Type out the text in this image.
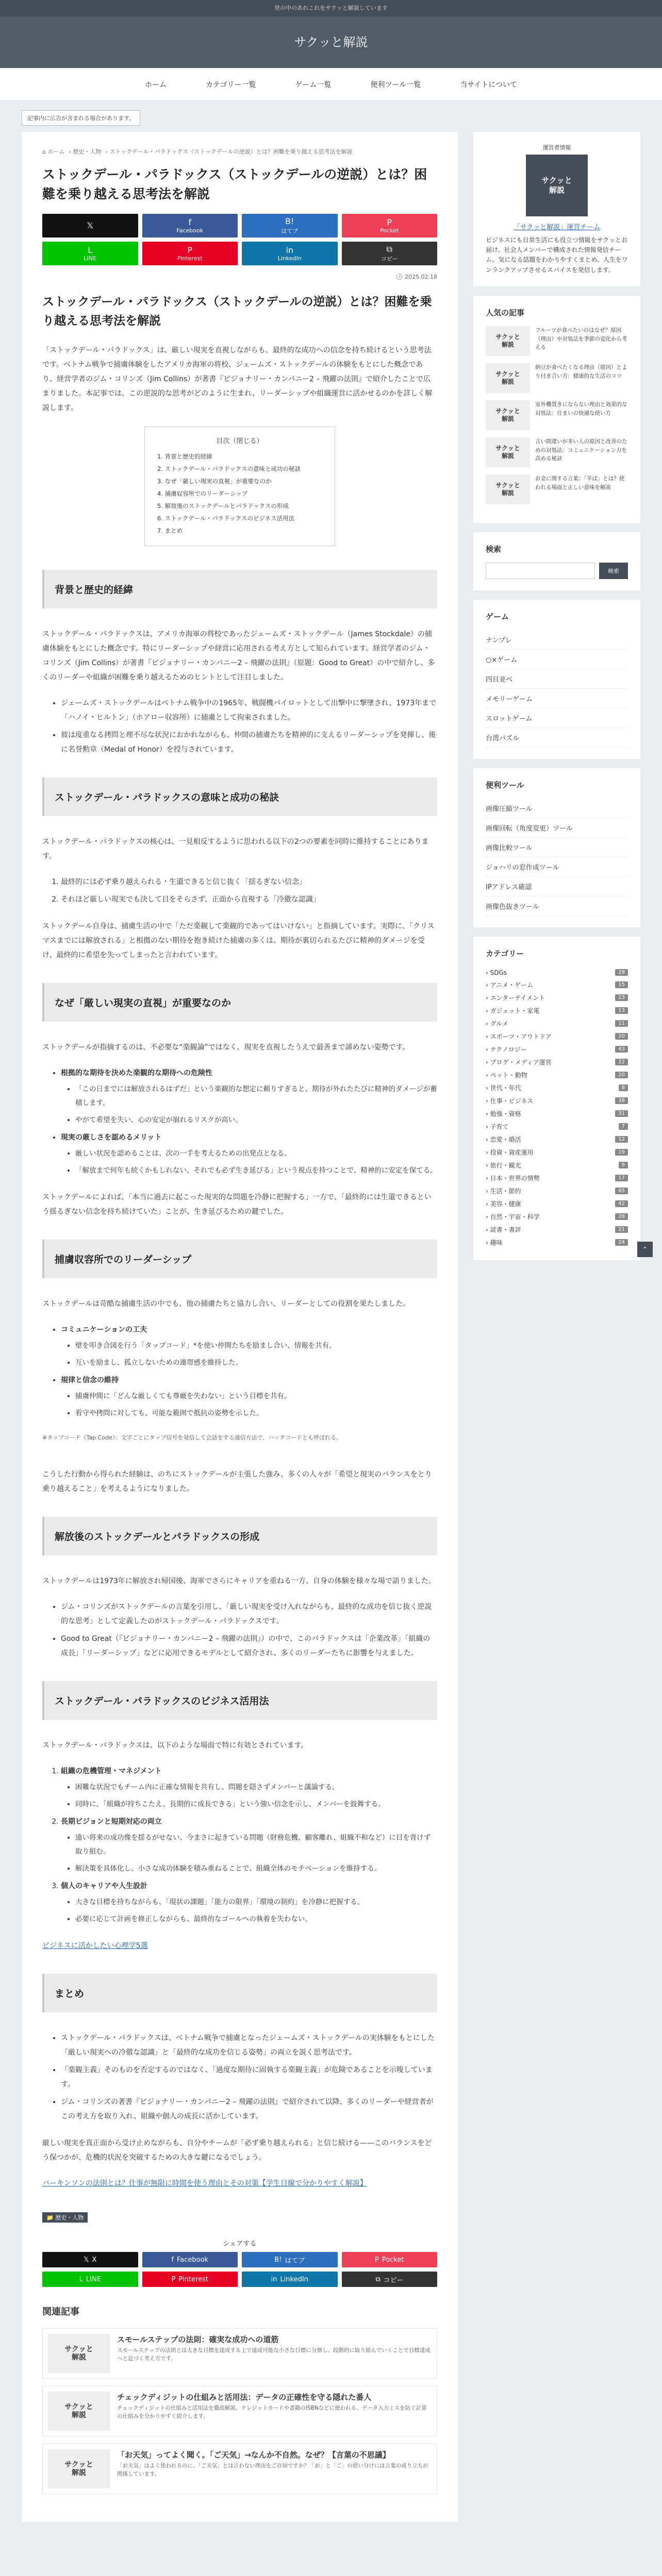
世の中のあれこれをサクッと解説しています
サクッと解説
ホーム	カテゴリー一覧	ゲーム一覧	便利ツール一覧	当サイトについて
記事内に広告が含まれる場合があります。
⌂ ホーム › 歴史・人物 › ストックデール・パラドックス（ストックデールの逆説）とは？困難を乗り越える思考法を解説
ストックデール・パラドックス（ストックデールの逆説）とは？困難を乗り越える思考法を解説
𝕏	f
Facebook
B!
はてブ
P
Pocket
L
LINE
P
Pinterest
in
LinkedIn
⧉
コピー
🕒 2025.02.18
ストックデール・パラドックス（ストックデールの逆説）とは？困難を乗り越える思考法を解説

「ストックデール・パラドックス」は、厳しい現実を直視しながらも、最終的な成功への信念を持ち続けるという思考法です。ベトナム戦争で捕虜体験をしたアメリカ海軍の将校、ジェームズ・ストックデールの体験をもとにした概念であり、経営学者のジム・コリンズ（Jim Collins）が著書『ビジョナリー・カンパニー2 – 飛躍の法則』で紹介したことで広まりました。本記事では、この逆説的な思考がどのように生まれ、リーダーシップや組織運営に活かせるのかを詳しく解説します。

目次（閉じる）
1. 背景と歴史的経緯
2. ストックデール・パラドックスの意味と成功の秘訣
3. なぜ「厳しい現実の直視」が重要なのか
4. 捕虜収容所でのリーダーシップ
5. 解放後のストックデールとパラドックスの形成
6. ストックデール・パラドックスのビジネス活用法
7. まとめ
背景と歴史的経緯

ストックデール・パラドックスは、アメリカ海軍の将校であったジェームズ・ストックデール（James Stockdale）の捕虜体験をもとにした概念です。特にリーダーシップや経営に応用される考え方として知られています。経営学者のジム・コリンズ（Jim Collins）が著書『ビジョナリー・カンパニー2 – 飛躍の法則』（原題：Good to Great）の中で紹介し、多くのリーダーや組織が困難を乗り越えるためのヒントとして注目しました。

• ジェームズ・ストックデールはベトナム戦争中の1965年、戦闘機パイロットとして出撃中に撃墜され、1973年まで「ハノイ・ヒルトン」（ホアロー収容所）に捕虜として拘束されました。
• 彼は度重なる拷問と理不尽な状況におかれながらも、仲間の捕虜たちを精神的に支えるリーダーシップを発揮し、後に名誉勲章（Medal of Honor）を授与されています。
ストックデール・パラドックスの意味と成功の秘訣

ストックデール・パラドックスの核心は、一見相反するように思われる以下の2つの要素を同時に維持することにあります。

1. 最終的には必ず乗り越えられる・生還できると信じ抜く「揺るぎない信念」
2. それほど厳しい現実でも決して目をそらさず、正面から直視する「冷徹な認識」

ストックデール自身は、捕虜生活の中で「ただ楽観して楽観的であってはいけない」と指摘しています。実際に、「クリスマスまでには解放される」と根拠のない期待を抱き続けた捕虜の多くは、期待が裏切られるたびに精神的ダメージを受け、最終的に希望を失ってしまったと言われています。

なぜ「厳しい現実の直視」が重要なのか

ストックデールが指摘するのは、不必要な“楽観論”ではなく、現実を直視したうえで最善まで諦めない姿勢です。

• 根拠的な期待を決めた楽観的な期待への危険性
• 「この日までには解放されるはずだ」という楽観的な想定に頼りすぎると、期待が外れたたびに精神的ダメージが蓄積します。
• やがて希望を失い、心の安定が崩れるリスクが高い。
• 現実の厳しさを認めるメリット
• 厳しい状況を認めることは、次の一手を考えるための出発点となる。
• 「解放まで何年も続くかもしれない、それでも必ず生き延びる」という視点を持つことで、精神的に安定を保てる。

ストックデールによれば、「本当に過去に起こった現実的な問題を冷静に把握する」一方で、「最終的には生還できるという揺るぎない信念を持ち続けていた」ことが、生き延びるための鍵でした。

捕虜収容所でのリーダーシップ

ストックデールは苛酷な捕虜生活の中でも、他の捕虜たちと協力し合い、リーダーとしての役割を果たしました。

• コミュニケーションの工夫
• 壁を叩き合図を行う「タップコード」*を使い仲間たちを励まし合い、情報を共有。
• 互いを励まし、孤立しないための連帯感を維持した。
• 規律と信念の維持
• 捕虜仲間に「どんな厳しくても尊厳を失わない」という目標を共有。
• 看守や拷問に対しても、可能な範囲で抵抗の姿勢を示した。
※タップコード（Tap Code）：文字ごとにタップ信号を発信して会話をする通信方法で、ハックコードとも呼ばれる。

こうした行動から得られた経験は、のちにストックデールが主張した強み、多くの人々が「希望と現実のバランスをとり乗り越えること」を考えるようになりました。

解放後のストックデールとパラドックスの形成

ストックデールは1973年に解放され帰国後、海軍でさらにキャリアを重ねる一方、自身の体験を様々な場で語りました。

• ジム・コリンズがストックデールの言葉を引用し、「厳しい現実を受け入れながらも、最終的な成功を信じ抜く逆説的な思考」として定義したのがストックデール・パラドックスです。
• Good to Great（『ビジョナリー・カンパニー2 – 飛躍の法則』）の中で、このパラドックスは「企業改革」「組織の成長」「リーダーシップ」などに応用できるモデルとして紹介され、多くのリーダーたちに影響を与えました。
ストックデール・パラドックスのビジネス活用法

ストックデール・パラドックスは、以下のような場面で特に有効とされています。

1. 組織の危機管理・マネジメント
• 困難な状況でもチーム内に正確な情報を共有し、問題を隠さずメンバーと議論する。
• 同時に、「組織が持ちこたえ、長期的に成長できる」という強い信念を示し、メンバーを鼓舞する。
2. 長期ビジョンと短期対応の両立
• 遠い将来の成功像を揺るがせない、今まさに起きている問題（財務危機、顧客離れ、組織不和など）に目を背けず取り組む。
• 解決策を具体化し、小さな成功体験を積み重ねることで、組織全体のモチベーションを維持する。
3. 個人のキャリアや人生設計
• 大きな目標を持ちながらも、「現状の課題」「能力の限界」「環境の制約」を冷静に把握する。
• 必要に応じて計画を修正しながらも、最終的なゴールへの執着を失わない。

ビジネスに活かしたい心理学5選

まとめ
• ストックデール・パラドックスは、ベトナム戦争で捕虜となったジェームズ・ストックデールの実体験をもとにした「厳しい現実への冷徹な認識」と「最終的な成功を信じる姿勢」の両立を説く思考法です。
• 「楽観主義」そのものを否定するのではなく、「過度な期待に固執する楽観主義」が危険であることを示唆しています。
• ジム・コリンズの著書『ビジョナリー・カンパニー2 – 飛躍の法則』で紹介されて以降、多くのリーダーや経営者がこの考え方を取り入れ、組織や個人の成長に活かしています。

厳しい現実を真正面から受け止めながらも、自分やチームが「必ず乗り越えられる」と信じ続ける——このバランスをどう保つかが、危機的状況を突破するための大きな鍵になるでしょう。

バーキンソンの法則とは？仕事が無限に時間を使う理由とその対策【学生目線で分かりやすく解説】

📁 歴史・人物
シェアする
𝕏 X	f Facebook	B! はてブ	P Pocket
L LINE	P Pinterest	in LinkedIn	⧉ コピー
関連記事
サクッと
解説
スモールステップの法則：確実な成功への道筋
スモールステップの法則とは大きな目標を達成する上で達成可能な小さな目標に分割し、段階的に取り組んでいくことで目標達成へと近づく考え方です。
サクッと
解説
チェックディジットの仕組みと活用法：データの正確性を守る隠れた番人
チェックディジットの仕組みと活用法を徹底解説。クレジットカードや書籍のISBNなどに使われる、データ入力ミスを防ぐ計算の仕組みを分かりやすく紹介します。
サクッと
解説
「お天気」ってよく聞く。「ご天気」→なんか不自然。なぜ？【言葉の不思議】
「お天気」はよく使われるのに、「ご天気」とは言わない理由をご存知ですか？「お」と「ご」の使い分けには言葉の成り立ちが関係しています。
運営者情報
サクッと
解説
「サクッと解説」運営チーム
ビジネスにも日常生活にも役立つ情報をサクッとお届け。社会人メンバーで構成された情報発信チーム。気になる話題をわかりやすくまとめ、人生をワンランクアップさせるスパイスを発信します。
人気の記事
サクッと
解説
フルーツが食べたいのはなぜ？原因（理由）や対処法を季節の変化から考える
サクッと
解説
納豆が食べたくなる理由（原因）とより付き合い方：健康的な生活のコツ
サクッと
解説
室外機置きにならない理由と効果的な対処法：住まいの快適な使い方
サクッと
解説
言い間違いが多い人の原因と改善のための対処法：コミュニケーション力を高める秘訣
サクッと
解説
お金に関する言葉：「半ば」とは？使われる場面と正しい意味を解説
検索
検索
ゲーム
ナンプレ
○×ゲーム
四目並べ
メモリーゲーム
スロットゲーム
台湾パズル
便利ツール
画像圧縮ツール
画像回転（角度変更）ツール
画像比較ツール
ジョハリの窓作成ツール
IPアドレス確認
画像色抜きツール
カテゴリー
› SDGs	28
› アニメ・ゲーム	15
› エンターテイメント	23
› ガジェット・家電	13
› グルメ	11
› スポーツ・アウトドア	20
› テクノロジー	43
› ブログ・メディア運営	22
› ペット・動物	20
› 世代・年代	8
› 仕事・ビジネス	38
› 勉強・資格	31
› 子育て	7
› 恋愛・婚活	12
› 投資・資産運用	19
› 旅行・観光	9
› 日本・世界の情勢	17
› 生活・節約	65
› 美容・健康	42
› 自然・宇宙・科学	28
› 読書・書評	21
› 趣味	24
⌃
